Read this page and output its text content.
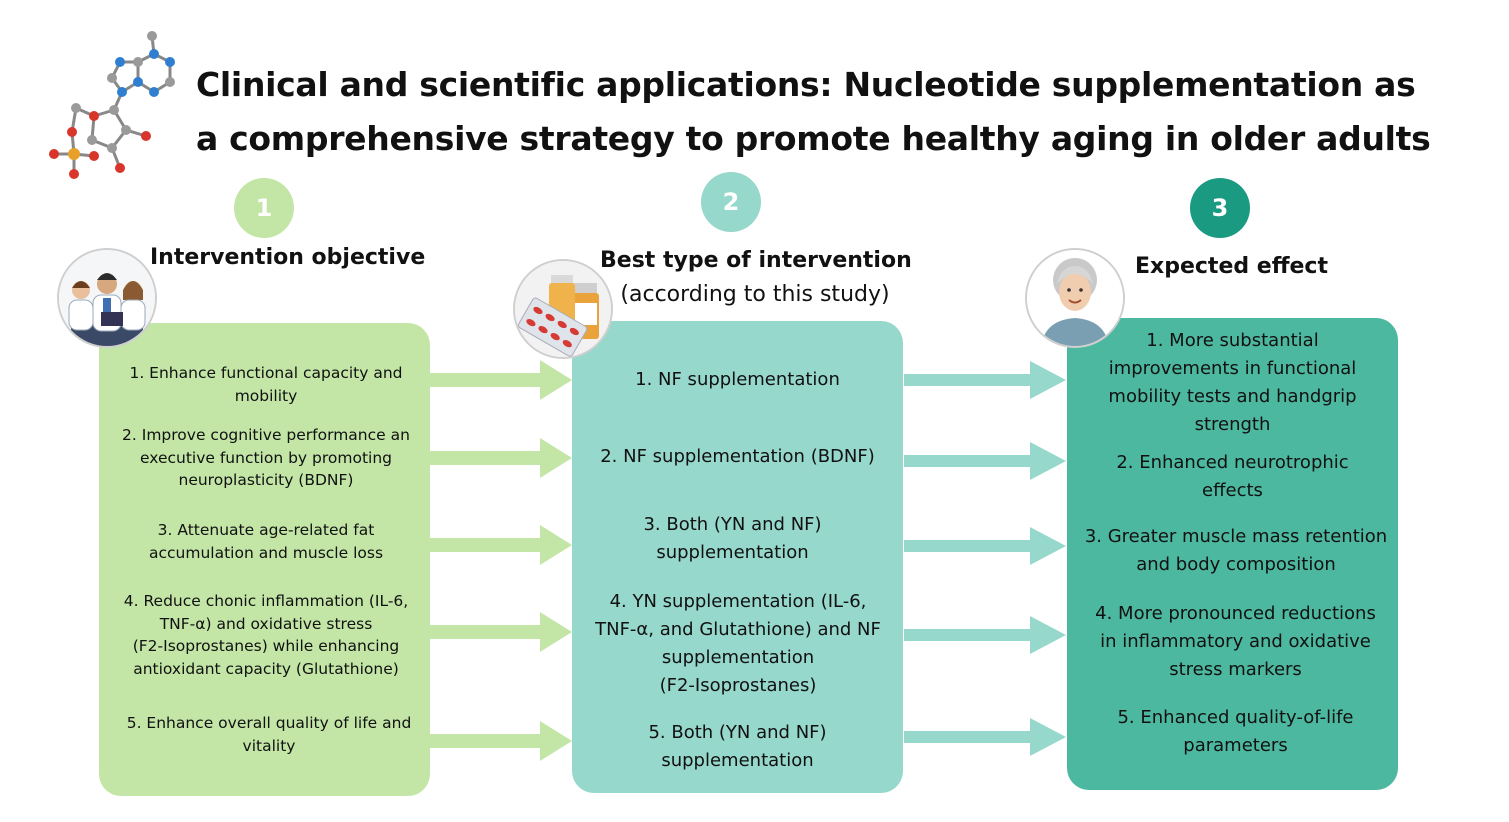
Clinical and scientific applications: Nucleotide supplementation as
a comprehensive strategy to promote healthy aging in older adults
1	2	3
Intervention objective	Best type of intervention
(according to this study)
Expected effect
1. Enhance functional capacity and
mobility
2. Improve cognitive performance an
executive function by promoting
neuroplasticity (BDNF)
3. Attenuate age-related fat
accumulation and muscle loss
4. Reduce chonic inflammation (IL-6,
TNF-α) and oxidative stress
(F2-Isoprostanes) while enhancing
antioxidant capacity (Glutathione)
5. Enhance overall quality of life and
vitality
1. NF supplementation
2. NF supplementation (BDNF)
3. Both (YN and NF)
supplementation
4. YN supplementation (IL-6,
TNF-α, and Glutathione) and NF
supplementation
(F2-Isoprostanes)
5. Both (YN and NF)
supplementation
1. More substantial
improvements in functional
mobility tests and handgrip
strength
2. Enhanced neurotrophic
effects
3. Greater muscle mass retention
and body composition
4. More pronounced reductions
in inflammatory and oxidative
stress markers
5. Enhanced quality-of-life
parameters
